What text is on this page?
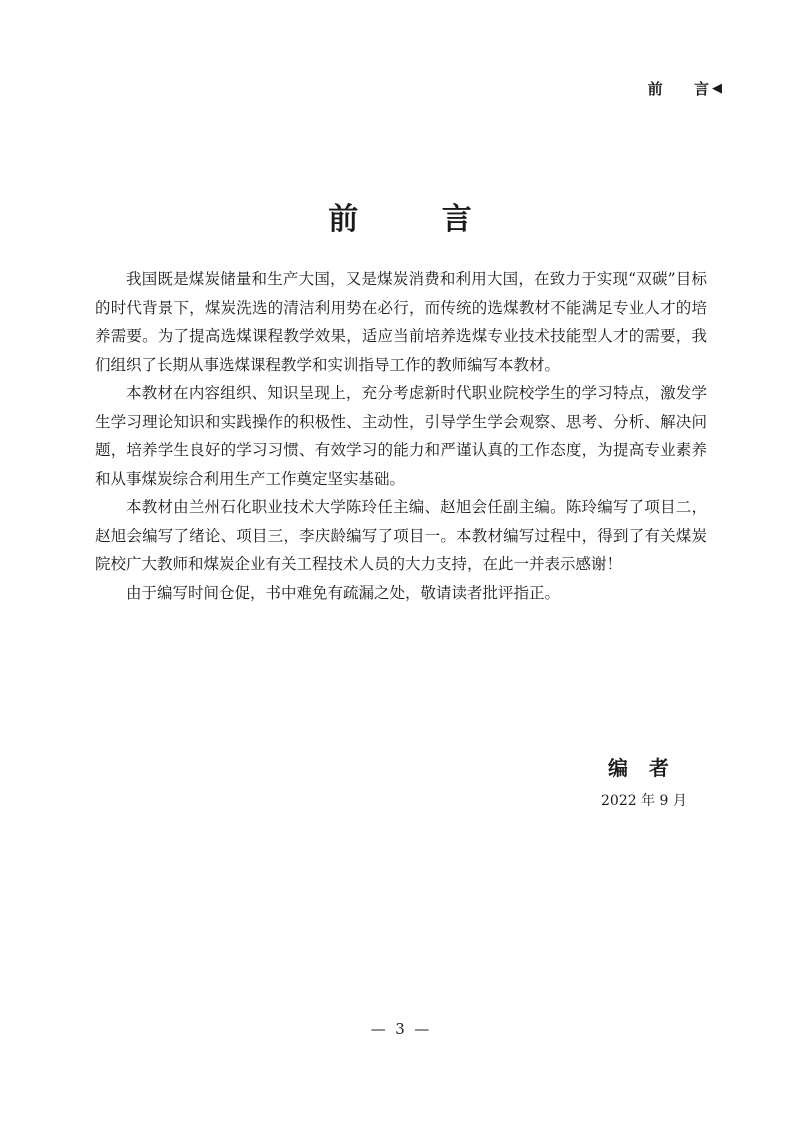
前      言 ◀
前        言

我国既是煤炭储量和生产大国，又是煤炭消费和利用大国，在致力于实现“双碳”目标的时代背景下，煤炭洗选的清洁利用势在必行，而传统的选煤教材不能满足专业人才的培养需要。为了提高选煤课程教学效果，适应当前培养选煤专业技术技能型人才的需要，我们组织了长期从事选煤课程教学和实训指导工作的教师编写本教材。

本教材在内容组织、知识呈现上，充分考虑新时代职业院校学生的学习特点，激发学生学习理论知识和实践操作的积极性、主动性，引导学生学会观察、思考、分析、解决问题，培养学生良好的学习习惯、有效学习的能力和严谨认真的工作态度，为提高专业素养和从事煤炭综合利用生产工作奠定坚实基础。

本教材由兰州石化职业技术大学陈玲任主编、赵旭会任副主编。陈玲编写了项目二，赵旭会编写了绪论、项目三，李庆龄编写了项目一。本教材编写过程中，得到了有关煤炭院校广大教师和煤炭企业有关工程技术人员的大力支持，在此一并表示感谢！

由于编写时间仓促，书中难免有疏漏之处，敬请读者批评指正。

编   者
2022 年 9 月
—  3  —
